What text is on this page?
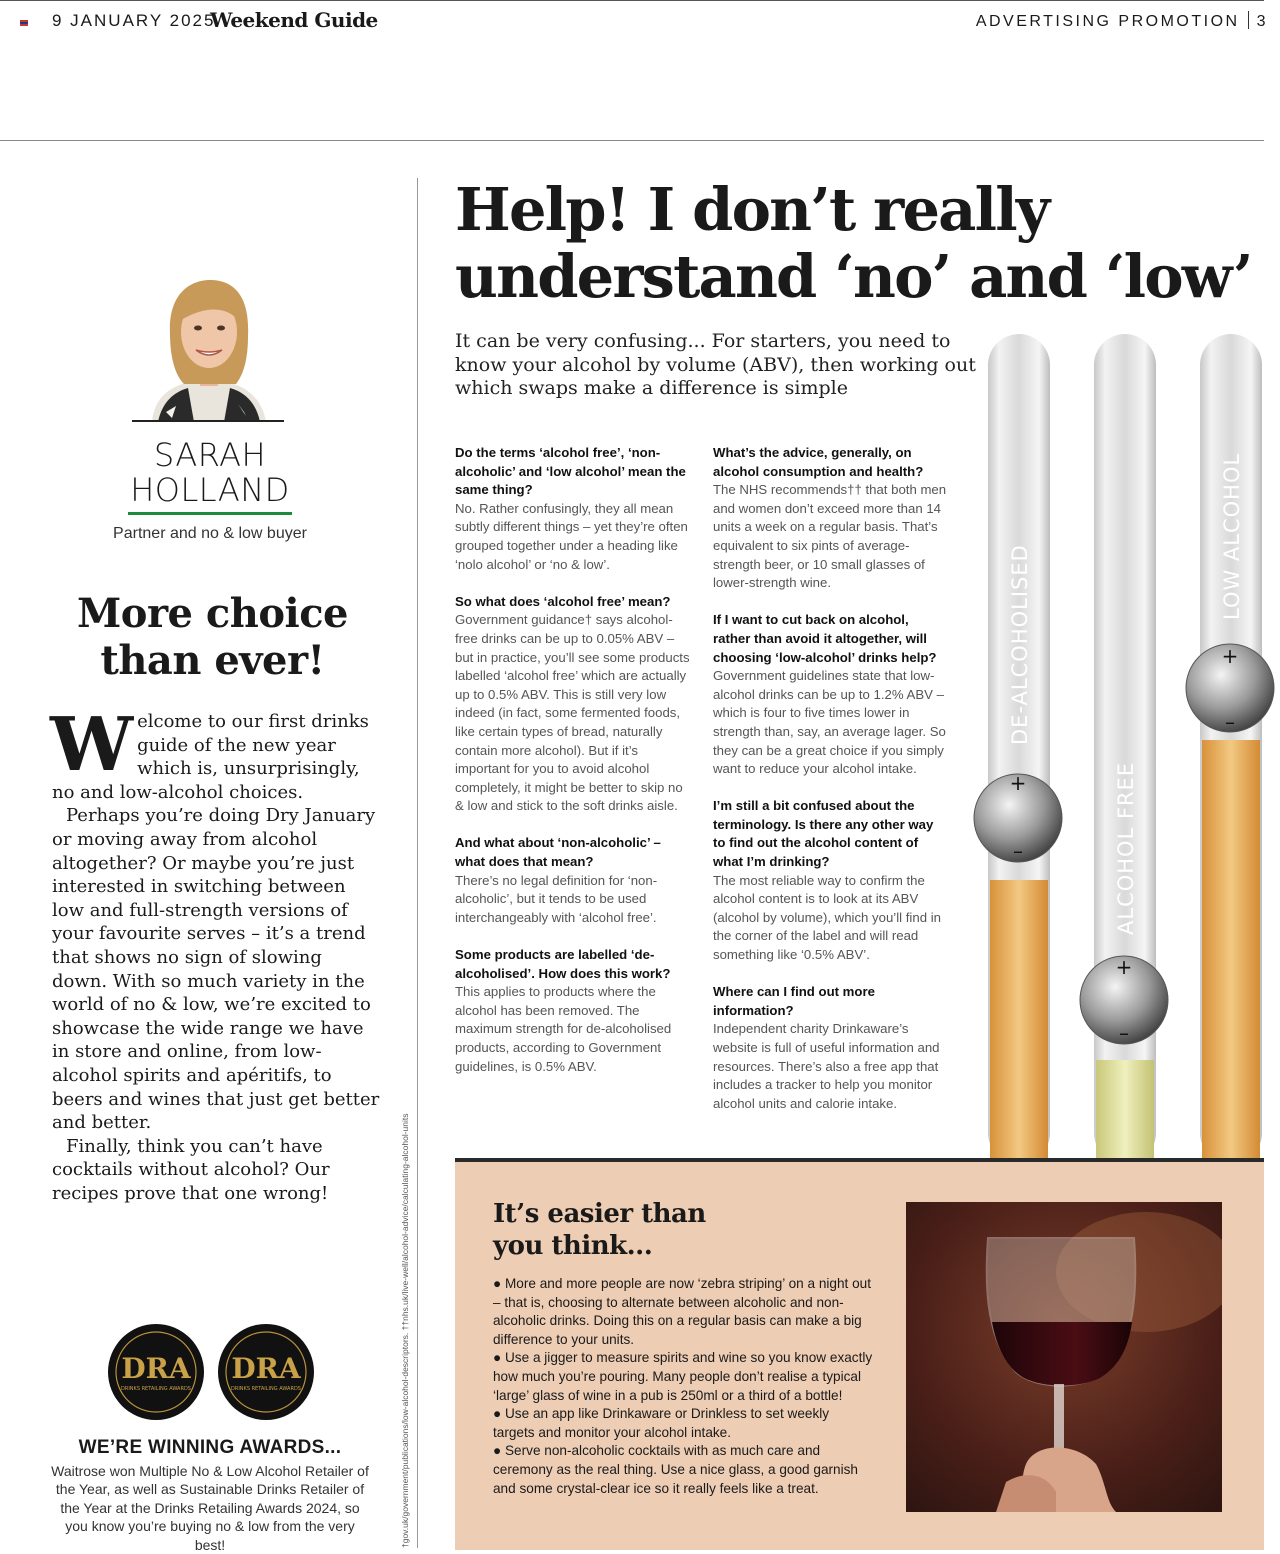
9 JANUARY 2025
Weekend Guide	ADVERTISING PROMOTION 3
SARAH
HOLLAND
Partner and no & low buyer
More choice
than ever!

Welcome to our first drinks guide of the new year which is, unsurprisingly, no and low-alcohol choices.

Perhaps you’re doing Dry January or moving away from alcohol altogether? Or maybe you’re just interested in switching between low and full-strength versions of your favourite serves – it’s a trend that shows no sign of slowing down. With so much variety in the world of no & low, we’re excited to showcase the wide range we have in store and online, from low-alcohol spirits and apéritifs, to beers and wines that just get better and better.

Finally, think you can’t have cocktails without alcohol? Our recipes prove that one wrong!

DRA
DRINKS RETAILING AWARDS
DRA
DRINKS RETAILING AWARDS
WE’RE WINNING AWARDS...
Waitrose won Multiple No & Low Alcohol Retailer of the Year, as well as Sustainable Drinks Retailer of the Year at the Drinks Retailing Awards 2024, so you know you’re buying no & low from the very best!	†gov.uk/government/publications/low-alcohol-descriptors. ††nhs.uk/live-well/alcohol-advice/calculating-alcohol-units
Help! I don’t really
understand ‘no’ and ‘low’
It can be very confusing... For starters, you need to know your alcohol by volume (ABV), then working out which swaps make a difference is simple
Do the terms ‘alcohol free’, ‘non-alcoholic’ and ‘low alcohol’ mean the same thing?

No. Rather confusingly, they all mean subtly different things – yet they’re often grouped together under a heading like ‘nolo alcohol’ or ‘no & low’.

So what does ‘alcohol free’ mean?

Government guidance† says alcohol-free drinks can be up to 0.05% ABV – but in practice, you’ll see some products labelled ‘alcohol free’ which are actually up to 0.5% ABV. This is still very low indeed (in fact, some fermented foods, like certain types of bread, naturally contain more alcohol). But if it’s important for you to avoid alcohol completely, it might be better to skip no & low and stick to the soft drinks aisle.

And what about ‘non-alcoholic’ – what does that mean?

There’s no legal definition for ‘non-alcoholic’, but it tends to be used interchangeably with ‘alcohol free’.

Some products are labelled ‘de-alcoholised’. How does this work?

This applies to products where the alcohol has been removed. The maximum strength for de-alcoholised products, according to Government guidelines, is 0.5% ABV.

What’s the advice, generally, on alcohol consumption and health?

The NHS recommends†† that both men and women don’t exceed more than 14 units a week on a regular basis. That’s equivalent to six pints of average-strength beer, or 10 small glasses of lower-strength wine.

If I want to cut back on alcohol, rather than avoid it altogether, will choosing ‘low-alcohol’ drinks help?

Government guidelines state that low-alcohol drinks can be up to 1.2% ABV – which is four to five times lower in strength than, say, an average lager. So they can be a great choice if you simply want to reduce your alcohol intake.

I’m still a bit confused about the terminology. Is there any other way to find out the alcohol content of what I’m drinking?

The most reliable way to confirm the alcohol content is to look at its ABV (alcohol by volume), which you’ll find in the corner of the label and will read something like ‘0.5% ABV’.

Where can I find out more information?

Independent charity Drinkaware’s website is full of useful information and resources. There’s also a free app that includes a tracker to help you monitor alcohol units and calorie intake.

DE-ALCOHOLISED
+
–	ALCOHOL FREE
+
–
LOW ALCOHOL
+
–
It’s easier than
you think...

● More and more people are now ‘zebra striping’ on a night out – that is, choosing to alternate between alcoholic and non-alcoholic drinks. Doing this on a regular basis can make a big difference to your units.

● Use a jigger to measure spirits and wine so you know exactly how much you’re pouring. Many people don’t realise a typical ‘large’ glass of wine in a pub is 250ml or a third of a bottle!

● Use an app like Drinkaware or Drinkless to set weekly targets and monitor your alcohol intake.

● Serve non-alcoholic cocktails with as much care and ceremony as the real thing. Use a nice glass, a good garnish and some crystal-clear ice so it really feels like a treat.
